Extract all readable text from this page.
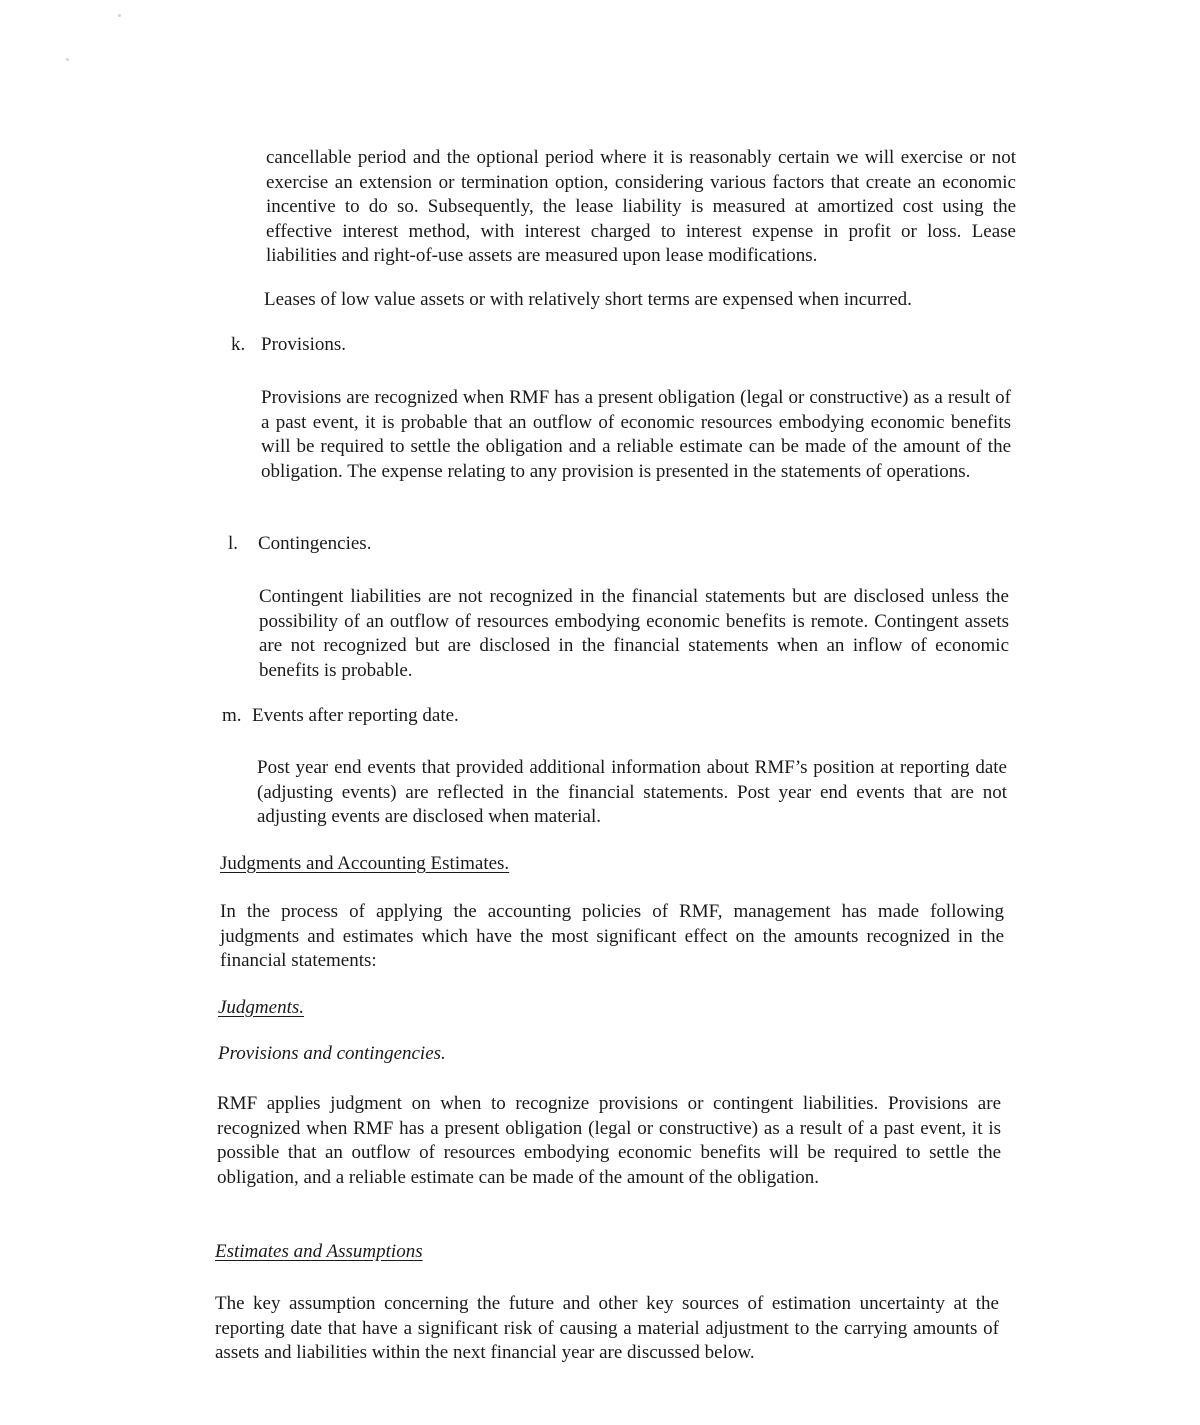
cancellable period and the optional period where it is reasonably certain we will exercise or not exercise an extension or termination option, considering various factors that create an economic incentive to do so. Subsequently, the lease liability is measured at amortized cost using the effective interest method, with interest charged to interest expense in profit or loss. Lease liabilities and right-of-use assets are measured upon lease modifications.

Leases of low value assets or with relatively short terms are expensed when incurred.

k. Provisions.

Provisions are recognized when RMF has a present obligation (legal or constructive) as a result of a past event, it is probable that an outflow of economic resources embodying economic benefits will be required to settle the obligation and a reliable estimate can be made of the amount of the obligation. The expense relating to any provision is presented in the statements of operations.

l. Contingencies.

Contingent liabilities are not recognized in the financial statements but are disclosed unless the possibility of an outflow of resources embodying economic benefits is remote. Contingent assets are not recognized but are disclosed in the financial statements when an inflow of economic benefits is probable.

m. Events after reporting date.

Post year end events that provided additional information about RMF’s position at reporting date (adjusting events) are reflected in the financial statements. Post year end events that are not adjusting events are disclosed when material.

Judgments and Accounting Estimates.

In the process of applying the accounting policies of RMF, management has made following judgments and estimates which have the most significant effect on the amounts recognized in the financial statements:

Judgments.
Provisions and contingencies.

RMF applies judgment on when to recognize provisions or contingent liabilities. Provisions are recognized when RMF has a present obligation (legal or constructive) as a result of a past event, it is possible that an outflow of resources embodying economic benefits will be required to settle the obligation, and a reliable estimate can be made of the amount of the obligation.

Estimates and Assumptions

The key assumption concerning the future and other key sources of estimation uncertainty at the reporting date that have a significant risk of causing a material adjustment to the carrying amounts of assets and liabilities within the next financial year are discussed below.
